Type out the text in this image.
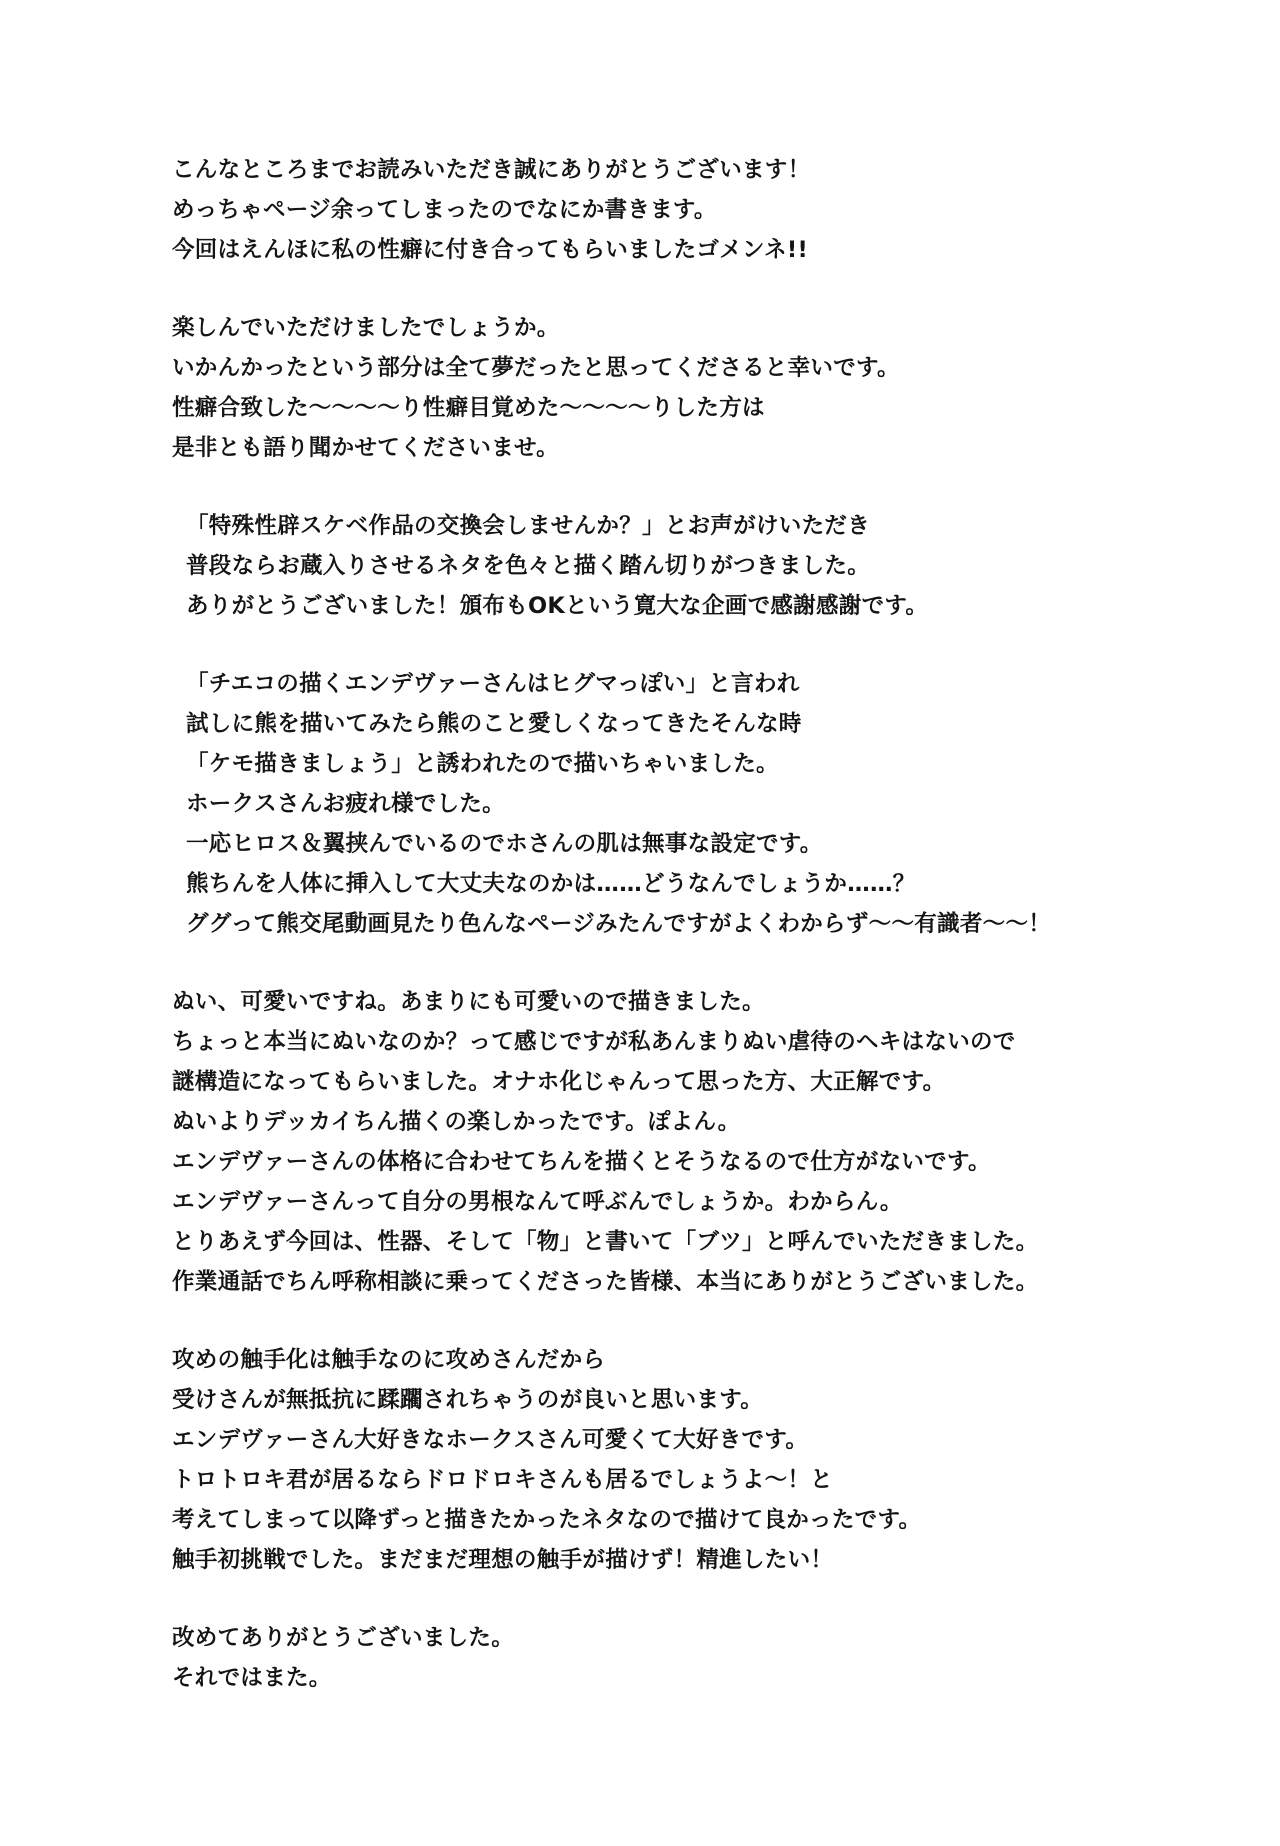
こんなところまでお読みいただき誠にありがとうございます！
めっちゃページ余ってしまったのでなにか書きます。
今回はえんほに私の性癖に付き合ってもらいましたゴメンネ!!
楽しんでいただけましたでしょうか。
いかんかったという部分は全て夢だったと思ってくださると幸いです。
性癖合致した〜〜〜〜り性癖目覚めた〜〜〜〜りした方は
是非とも語り聞かせてくださいませ。
「特殊性辟スケベ作品の交換会しませんか？」とお声がけいただき
普段ならお蔵入りさせるネタを色々と描く踏ん切りがつきました。
ありがとうございました！頒布もOKという寛大な企画で感謝感謝です。
「チエコの描くエンデヴァーさんはヒグマっぽい」と言われ
試しに熊を描いてみたら熊のこと愛しくなってきたそんな時
「ケモ描きましょう」と誘われたので描いちゃいました。
ホークスさんお疲れ様でした。
一応ヒロス＆翼挟んでいるのでホさんの肌は無事な設定です。
熊ちんを人体に挿入して大丈夫なのかは……どうなんでしょうか……？
ググって熊交尾動画見たり色んなページみたんですがよくわからず〜〜有識者〜〜！
ぬい、可愛いですね。あまりにも可愛いので描きました。
ちょっと本当にぬいなのか？って感じですが私あんまりぬい虐待のヘキはないので
謎構造になってもらいました。オナホ化じゃんって思った方、大正解です。
ぬいよりデッカイちん描くの楽しかったです。ぽよん。
エンデヴァーさんの体格に合わせてちんを描くとそうなるので仕方がないです。
エンデヴァーさんって自分の男根なんて呼ぶんでしょうか。わからん。
とりあえず今回は、性器、そして「物」と書いて「ブツ」と呼んでいただきました。
作業通話でちん呼称相談に乗ってくださった皆様、本当にありがとうございました。
攻めの触手化は触手なのに攻めさんだから
受けさんが無抵抗に蹂躙されちゃうのが良いと思います。
エンデヴァーさん大好きなホークスさん可愛くて大好きです。
トロトロキ君が居るならドロドロキさんも居るでしょうよ〜！と
考えてしまって以降ずっと描きたかったネタなので描けて良かったです。
触手初挑戦でした。まだまだ理想の触手が描けず！精進したい！
改めてありがとうございました。
それではまた。
